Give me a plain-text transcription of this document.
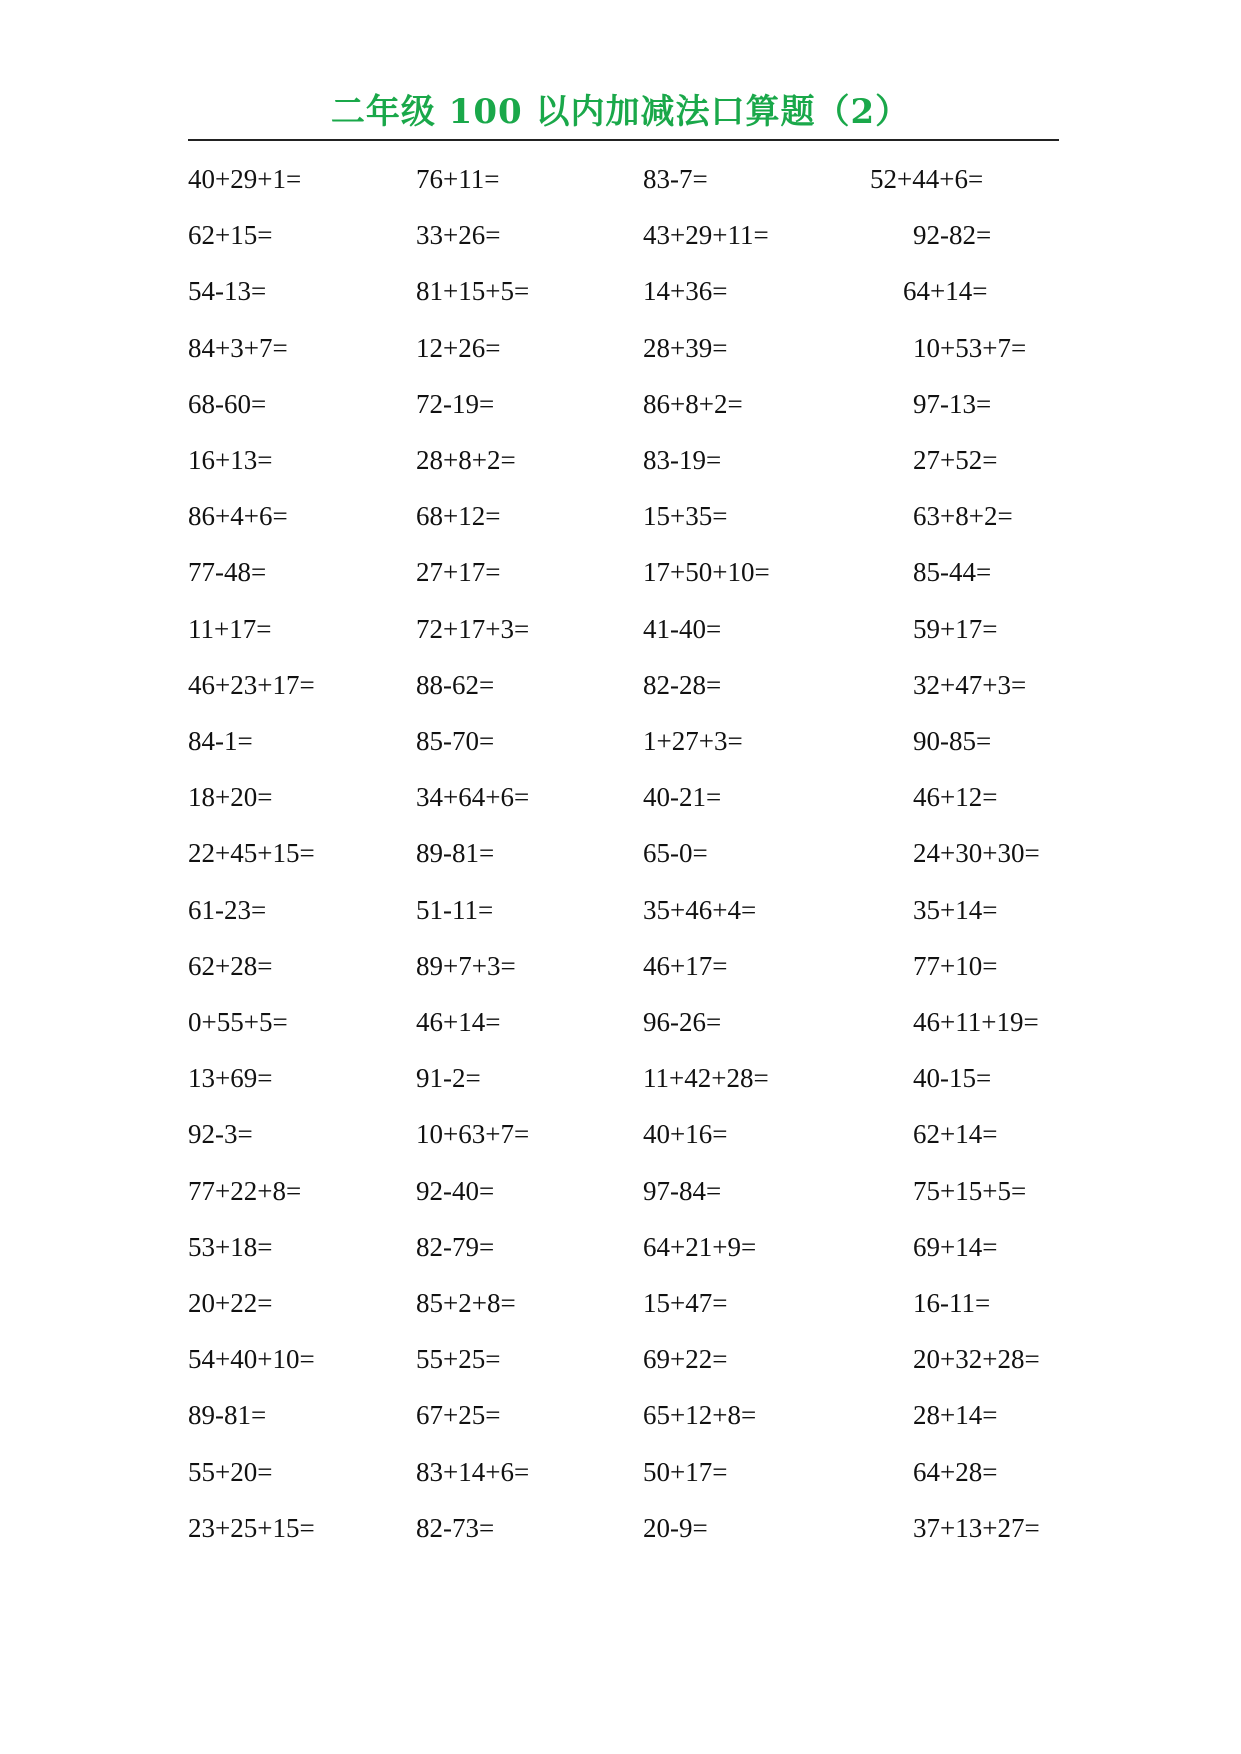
二年级 100 以内加减法口算题（2）
40+29+1=	76+11=	83-7=	52+44+6=
62+15=	33+26=	43+29+11=	92-82=
54-13=	81+15+5=	14+36=	64+14=
84+3+7=	12+26=	28+39=	10+53+7=
68-60=	72-19=	86+8+2=	97-13=
16+13=	28+8+2=	83-19=	27+52=
86+4+6=	68+12=	15+35=	63+8+2=
77-48=	27+17=	17+50+10=	85-44=
11+17=	72+17+3=	41-40=	59+17=
46+23+17=	88-62=	82-28=	32+47+3=
84-1=	85-70=	1+27+3=	90-85=
18+20=	34+64+6=	40-21=	46+12=
22+45+15=	89-81=	65-0=	24+30+30=
61-23=	51-11=	35+46+4=	35+14=
62+28=	89+7+3=	46+17=	77+10=
0+55+5=	46+14=	96-26=	46+11+19=
13+69=	91-2=	11+42+28=	40-15=
92-3=	10+63+7=	40+16=	62+14=
77+22+8=	92-40=	97-84=	75+15+5=
53+18=	82-79=	64+21+9=	69+14=
20+22=	85+2+8=	15+47=	16-11=
54+40+10=	55+25=	69+22=	20+32+28=
89-81=	67+25=	65+12+8=	28+14=
55+20=	83+14+6=	50+17=	64+28=
23+25+15=	82-73=	20-9=	37+13+27=
